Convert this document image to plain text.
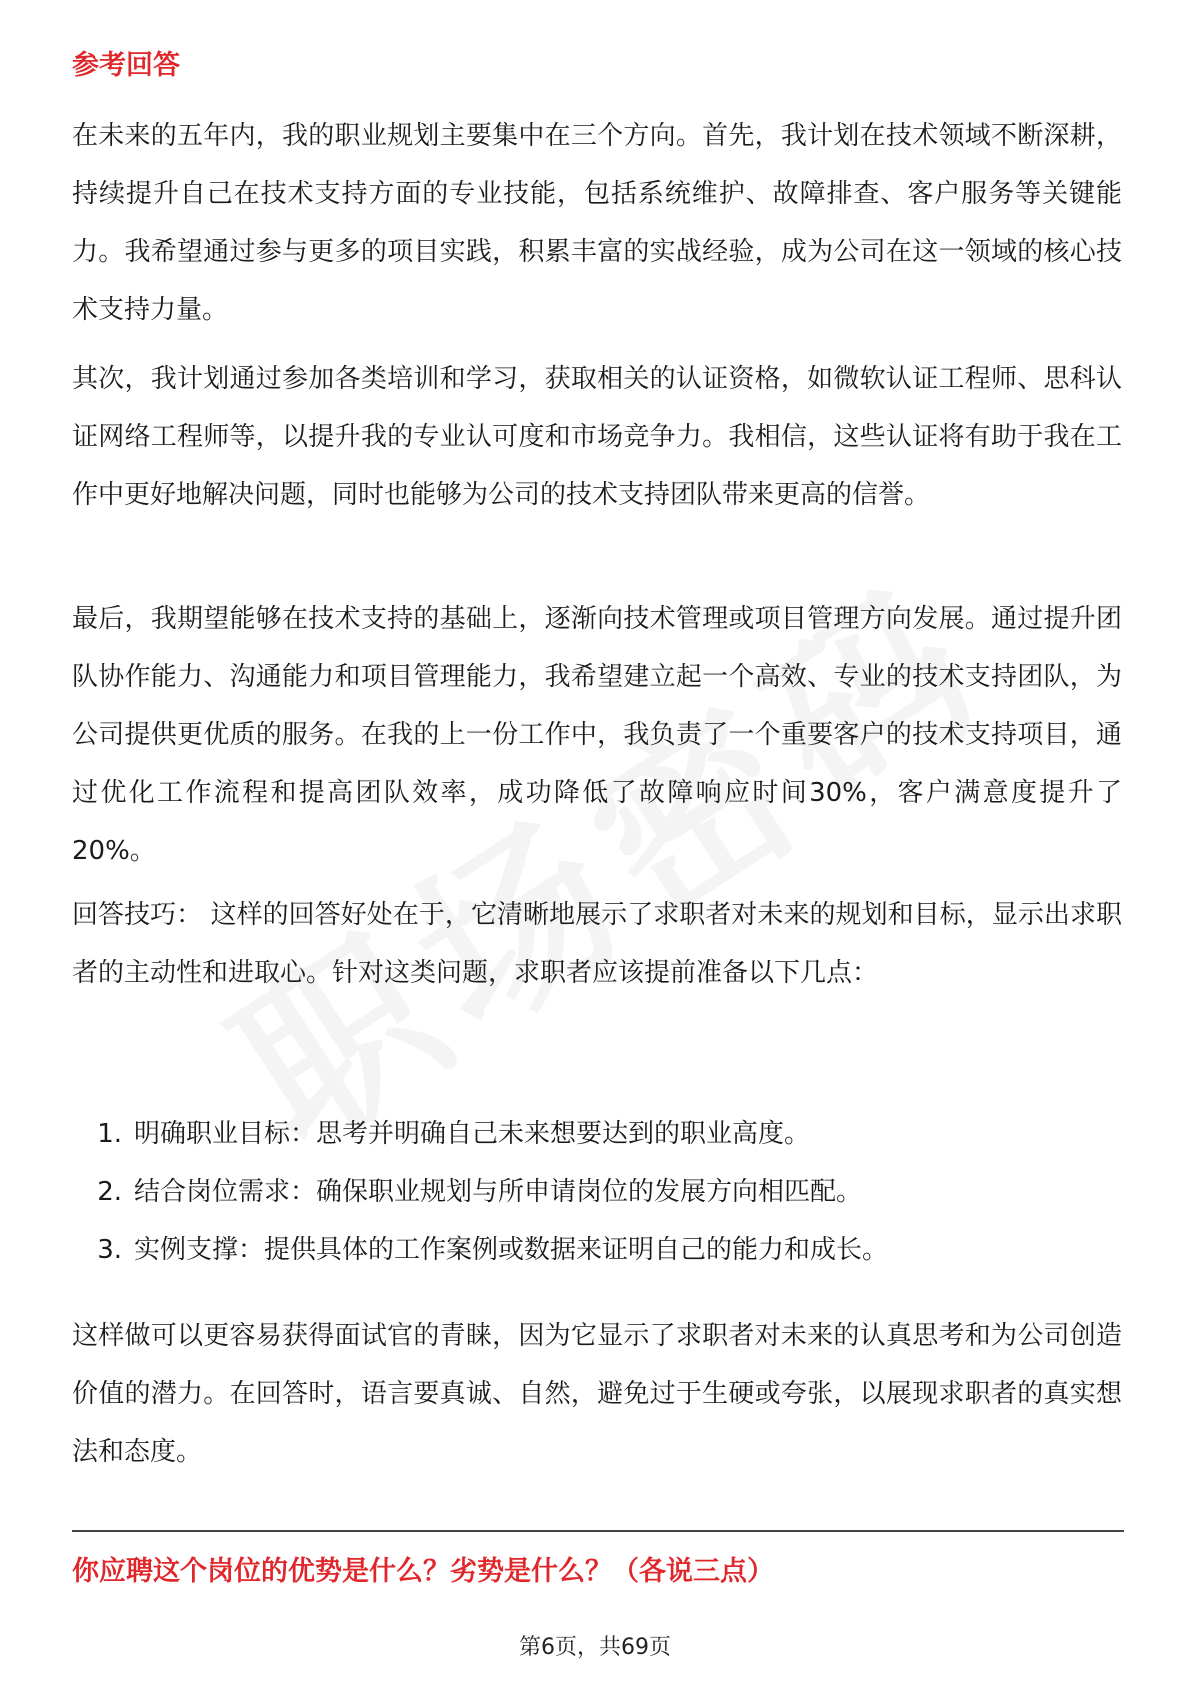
参考回答

在未来的五年内，我的职业规划主要集中在三个方向。首先，我计划在技术领域不断深耕，持续提升自己在技术支持方面的专业技能，包括系统维护、故障排查、客户服务等关键能力。我希望通过参与更多的项目实践，积累丰富的实战经验，成为公司在这一领域的核心技术支持力量。

其次，我计划通过参加各类培训和学习，获取相关的认证资格，如微软认证工程师、思科认证网络工程师等，以提升我的专业认可度和市场竞争力。我相信，这些认证将有助于我在工作中更好地解决问题，同时也能够为公司的技术支持团队带来更高的信誉。

最后，我期望能够在技术支持的基础上，逐渐向技术管理或项目管理方向发展。通过提升团队协作能力、沟通能力和项目管理能力，我希望建立起一个高效、专业的技术支持团队，为公司提供更优质的服务。在我的上一份工作中，我负责了一个重要客户的技术支持项目，通过优化工作流程和提高团队效率，成功降低了故障响应时间30%，客户满意度提升了20%。

回答技巧： 这样的回答好处在于，它清晰地展示了求职者对未来的规划和目标，显示出求职者的主动性和进取心。针对这类问题，求职者应该提前准备以下几点：

1. 明确职业目标：思考并明确自己未来想要达到的职业高度。
2. 结合岗位需求：确保职业规划与所申请岗位的发展方向相匹配。
3. 实例支撑：提供具体的工作案例或数据来证明自己的能力和成长。

这样做可以更容易获得面试官的青睐，因为它显示了求职者对未来的认真思考和为公司创造价值的潜力。在回答时，语言要真诚、自然，避免过于生硬或夸张，以展现求职者的真实想法和态度。

你应聘这个岗位的优势是什么？劣势是什么？（各说三点）
第6页，共69页
